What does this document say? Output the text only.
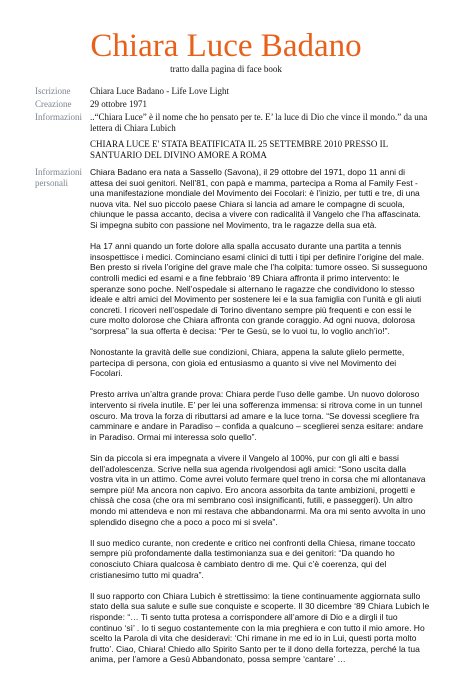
Chiara Luce Badano
tratto dalla pagina di face book
Iscrizione	Chiara Luce Badano - Life Love Light
Creazione	29 ottobre 1971
Informazioni ..“Chiara Luce” è il nome che ho pensato per te. E’ la luce di Dio che vince il mondo.” da una lettera di Chiara Lubich
CHIARA LUCE E' STATA BEATIFICATA IL 25 SETTEMBRE 2010 PRESSO IL SANTUARIO DEL DIVINO AMORE A ROMA
Informazioni personali

Chiara Badano era nata a Sassello (Savona), il 29 ottobre del 1971, dopo 11 anni di attesa dei suoi genitori. Nell’81, con papà e mamma, partecipa a Roma al Family Fest - una manifestazione mondiale del Movimento dei Focolari: è l’inizio, per tutti e tre, di una nuova vita. Nel suo piccolo paese Chiara si lancia ad amare le compagne di scuola, chiunque le passa accanto, decisa a vivere con radicalità il Vangelo che l’ha affascinata. Si impegna subito con passione nel Movimento, tra le ragazze della sua età.

Ha 17 anni quando un forte dolore alla spalla accusato durante una partita a tennis insospettisce i medici. Cominciano esami clinici di tutti i tipi per definire l’origine del male. Ben presto si rivela l’origine del grave male che l’ha colpita: tumore osseo. Si susseguono controlli medici ed esami e a fine febbraio ‘89 Chiara affronta il primo intervento: le speranze sono poche. Nell’ospedale si alternano le ragazze che condividono lo stesso ideale e altri amici del Movimento per sostenere lei e la sua famiglia con l’unità e gli aiuti concreti. I ricoveri nell’ospedale di Torino diventano sempre più frequenti e con essi le cure molto dolorose che Chiara affronta con grande coraggio. Ad ogni nuova, dolorosa “sorpresa” la sua offerta è decisa: “Per te Gesù, se lo vuoi tu, lo voglio anch’io!”.

Nonostante la gravità delle sue condizioni, Chiara, appena la salute glielo permette, partecipa di persona, con gioia ed entusiasmo a quanto si vive nel Movimento dei Focolari.

Presto arriva un’altra grande prova: Chiara perde l’uso delle gambe. Un nuovo doloroso intervento si rivela inutile. E’ per lei una sofferenza immensa: si ritrova come in un tunnel oscuro. Ma trova la forza di ributtarsi ad amare e la luce torna. “Se dovessi scegliere fra camminare e andare in Paradiso – confida a qualcuno – sceglierei senza esitare: andare in Paradiso. Ormai mi interessa solo quello”.

Sin da piccola si era impegnata a vivere il Vangelo al 100%, pur con gli alti e bassi dell’adolescenza. Scrive nella sua agenda rivolgendosi agli amici: “Sono uscita dalla vostra vita in un attimo. Come avrei voluto fermare quel treno in corsa che mi allontanava sempre più! Ma ancora non capivo. Ero ancora assorbita da tante ambizioni, progetti e chissà che cosa (che ora mi sembrano così insignificanti, futili, e passeggeri). Un altro mondo mi attendeva e non mi restava che abbandonarmi. Ma ora mi sento avvolta in uno splendido disegno che a poco a poco mi si svela”.

Il suo medico curante, non credente e critico nei confronti della Chiesa, rimane toccato sempre più profondamente dalla testimonianza sua e dei genitori: “Da quando ho conosciuto Chiara qualcosa è cambiato dentro di me. Qui c’è coerenza, qui del cristianesimo tutto mi quadra”.

Il suo rapporto con Chiara Lubich è strettissimo: la tiene continuamente aggiornata sullo stato della sua salute e sulle sue conquiste e scoperte. Il 30 dicembre ‘89 Chiara Lubich le risponde: “… Ti sento tutta protesa a corrispondere all’amore di Dio e a dirgli il tuo continuo ‘sì’ . Io ti seguo costantemente con la mia preghiera e con tutto il mio amore. Ho scelto la Parola di vita che desideravi: ‘Chi rimane in me ed io in Lui, questi porta molto frutto’. Ciao, Chiara! Chiedo allo Spirito Santo per te il dono della fortezza, perché la tua anima, per l’amore a Gesù Abbandonato, possa sempre ‘cantare’ …
